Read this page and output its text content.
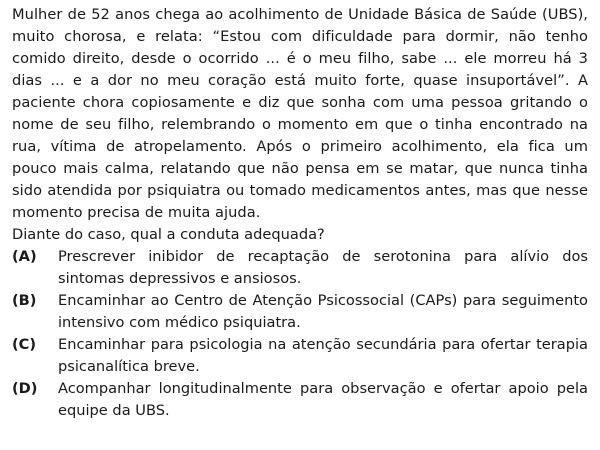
Mulher de 52 anos chega ao acolhimento de Unidade Básica de Saúde (UBS), muito chorosa, e relata: “Estou com dificuldade para dormir, não tenho comido direito, desde o ocorrido ... é o meu filho, sabe ... ele morreu há 3 dias ... e a dor no meu coração está muito forte, quase insuportável”. A paciente chora copiosamente e diz que sonha com uma pessoa gritando o nome de seu filho, relembrando o momento em que o tinha encontrado na rua, vítima de atropelamento. Após o primeiro acolhimento, ela fica um pouco mais calma, relatando que não pensa em se matar, que nunca tinha sido atendida por psiquiatra ou tomado medicamentos antes, mas que nesse momento precisa de muita ajuda.

Diante do caso, qual a conduta adequada?

(A)	Prescrever inibidor de recaptação de serotonina para alívio dos sintomas depressivos e ansiosos.
(B)	Encaminhar ao Centro de Atenção Psicossocial (CAPs) para seguimento intensivo com médico psiquiatra.
(C)	Encaminhar para psicologia na atenção secundária para ofertar terapia psicanalítica breve.
(D)	Acompanhar longitudinalmente para observação e ofertar apoio pela equipe da UBS.
